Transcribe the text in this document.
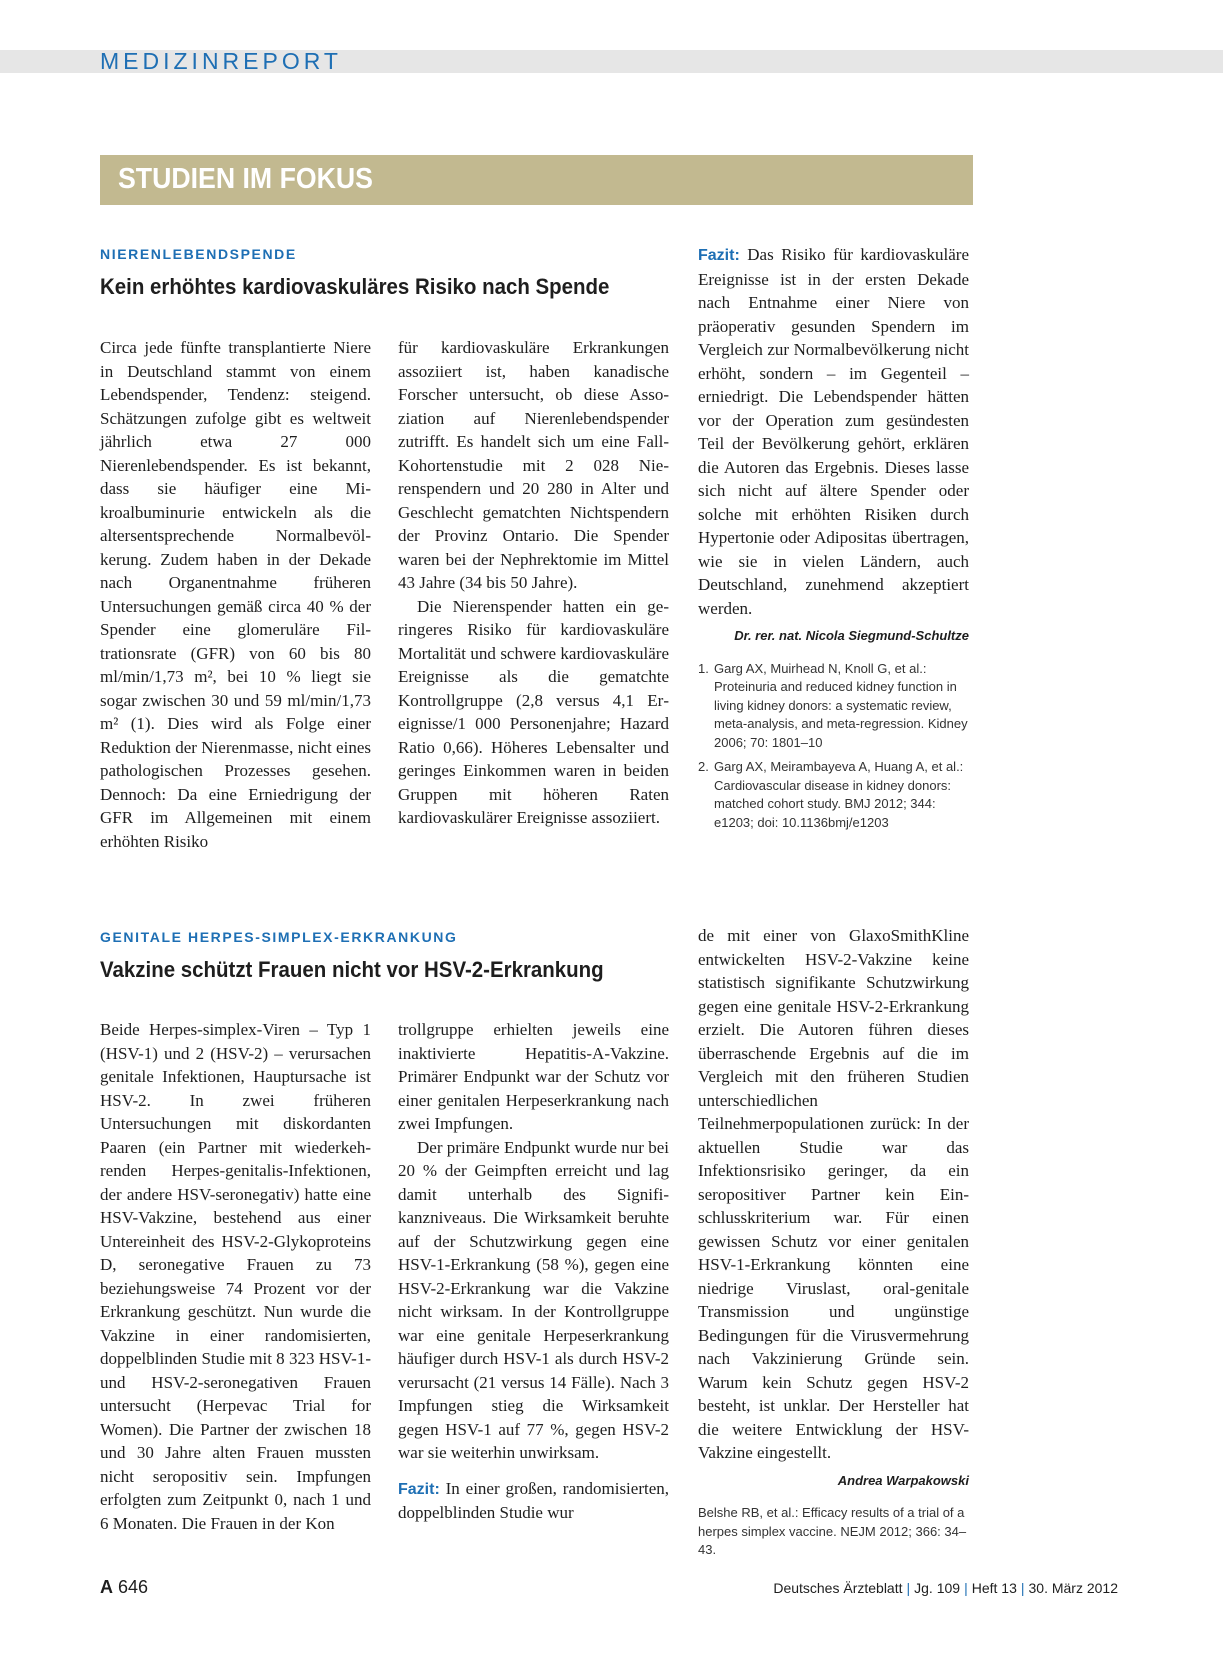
MEDIZINREPORT
STUDIEN IM FOKUS
NIERENLEBENDSPENDE
Kein erhöhtes kardiovaskuläres Risiko nach Spende

Circa jede fünfte transplantierte Niere in Deutschland stammt von einem Lebendspender, Tendenz: steigend. Schätzungen zufolge gibt es weltweit jährlich etwa 27 000 Nierenlebendspender. Es ist bekannt, dass sie häufiger eine Mikroalbuminurie entwickeln als die altersentsprechende Normalbevölkerung. Zudem haben in der Dekade nach Organentnahme früheren Untersuchungen gemäß circa 40 % der Spender eine glomeruläre Filtrationsrate (GFR) von 60 bis 80 ml/min/1,73 m², bei 10 % liegt sie sogar zwischen 30 und 59 ml/​min/1,73 m² (1). Dies wird als Folge einer Reduktion der Nierenmasse, nicht eines pathologischen Prozesses gesehen. Dennoch: Da eine Erniedrigung der GFR im Allgemeinen mit einem erhöhten Risiko

für kardiovaskuläre Erkrankungen assoziiert ist, haben kanadische Forscher untersucht, ob diese Assoziation auf Nierenlebendspender zutrifft. Es handelt sich um eine Fall-Kohortenstudie mit 2 028 Nierenspendern und 20 280 in Alter und Geschlecht gematchten Nichtspendern der Provinz Ontario. Die Spender waren bei der Nephrektomie im Mittel 43 Jahre (34 bis 50 Jahre).

Die Nierenspender hatten ein geringeres Risiko für kardiovaskuläre Mortalität und schwere kardiovaskuläre Ereignisse als die gematchte Kontrollgruppe (2,8 versus 4,1 Ereignisse/1 000 Personenjahre; Hazard Ratio 0,66). Höheres Lebensalter und geringes Einkommen waren in beiden Gruppen mit höheren Raten kardiovaskulärer Ereignisse assoziiert.

Fazit: Das Risiko für kardiovaskuläre Ereignisse ist in der ersten Dekade nach Entnahme einer Niere von präoperativ gesunden Spendern im Vergleich zur Normalbevölkerung nicht erhöht, sondern – im Gegenteil – erniedrigt. Die Lebendspender hätten vor der Operation zum gesündesten Teil der Bevölkerung gehört, erklären die Autoren das Ergebnis. Dieses lasse sich nicht auf ältere Spender oder solche mit erhöhten Risiken durch Hypertonie oder Adipositas übertragen, wie sie in vielen Ländern, auch Deutschland, zunehmend akzeptiert werden.

Dr. rer. nat. Nicola Siegmund-Schultze
1. Garg AX, Muirhead N, Knoll G, et al.: Proteinuria and reduced kidney function in living kidney donors: a systematic review, meta-analysis, and meta-regression. Kidney 2006; 70: 1801–10
2. Garg AX, Meirambayeva A, Huang A, et al.: Cardiovascular disease in kidney donors: matched cohort study. BMJ 2012; 344: e1203; doi: 10.1136bmj/e1203
GENITALE HERPES-SIMPLEX-ERKRANKUNG
Vakzine schützt Frauen nicht vor HSV-2-Erkrankung

Beide Herpes-simplex-Viren – Typ 1 (HSV-1) und 2 (HSV-2) – verursachen genitale Infektionen, Hauptursache ist HSV-2. In zwei früheren Untersuchungen mit diskordanten Paaren (ein Partner mit wiederkehrenden Herpes-genitalis-Infektionen, der andere HSV-seronegativ) hatte eine HSV-Vakzine, bestehend aus einer Untereinheit des HSV-2-Glykoproteins D, seronegative Frauen zu 73 beziehungsweise 74 Prozent vor der Erkrankung geschützt. Nun wurde die Vakzine in einer randomisierten, doppelblinden Studie mit 8 323 HSV-1- und HSV-2-seronegativen Frauen untersucht (Herpevac Trial for Women). Die Partner der zwischen 18 und 30 Jahre alten Frauen mussten nicht seropositiv sein. Impfungen erfolgten zum Zeitpunkt 0, nach 1 und 6 Monaten. Die Frauen in der Kon

trollgruppe erhielten jeweils eine inaktivierte Hepatitis-A-Vakzine. Primärer Endpunkt war der Schutz vor einer genitalen Herpeserkrankung nach zwei Impfungen.

Der primäre Endpunkt wurde nur bei 20 % der Geimpften erreicht und lag damit unterhalb des Signifikanzniveaus. Die Wirksamkeit beruhte auf der Schutzwirkung gegen eine HSV-1-Erkrankung (58 %), gegen eine HSV-2-Erkrankung war die Vakzine nicht wirksam. In der Kontrollgruppe war eine genitale Herpeserkrankung häufiger durch HSV-1 als durch HSV-2 verursacht (21 versus 14 Fälle). Nach 3 Impfungen stieg die Wirksamkeit gegen HSV-1 auf 77 %, gegen HSV-2 war sie weiterhin unwirksam.

Fazit: In einer großen, randomisierten, doppelblinden Studie wur

de mit einer von GlaxoSmithKline entwickelten HSV-2-Vakzine keine statistisch signifikante Schutzwirkung gegen eine genitale HSV-2-Erkrankung erzielt. Die Autoren führen dieses überraschende Ergebnis auf die im Vergleich mit den früheren Studien unterschiedlichen Teilnehmerpopulationen zurück: In der aktuellen Studie war das Infektionsrisiko geringer, da ein seropositiver Partner kein Einschlusskriterium war. Für einen gewissen Schutz vor einer genitalen HSV-1-Erkrankung könnten eine niedrige Viruslast, oral-genitale Transmission und ungünstige Bedingungen für die Virusvermehrung nach Vakzinierung Gründe sein. Warum kein Schutz gegen HSV-2 besteht, ist unklar. Der Hersteller hat die weitere Entwicklung der HSV-Vakzine eingestellt.

Andrea Warpakowski
Belshe RB, et al.: Efficacy results of a trial of a herpes simplex vaccine. NEJM 2012; 366: 34–43.
A 646	Deutsches Ärzteblatt | Jg. 109 | Heft 13 | 30. März 2012
